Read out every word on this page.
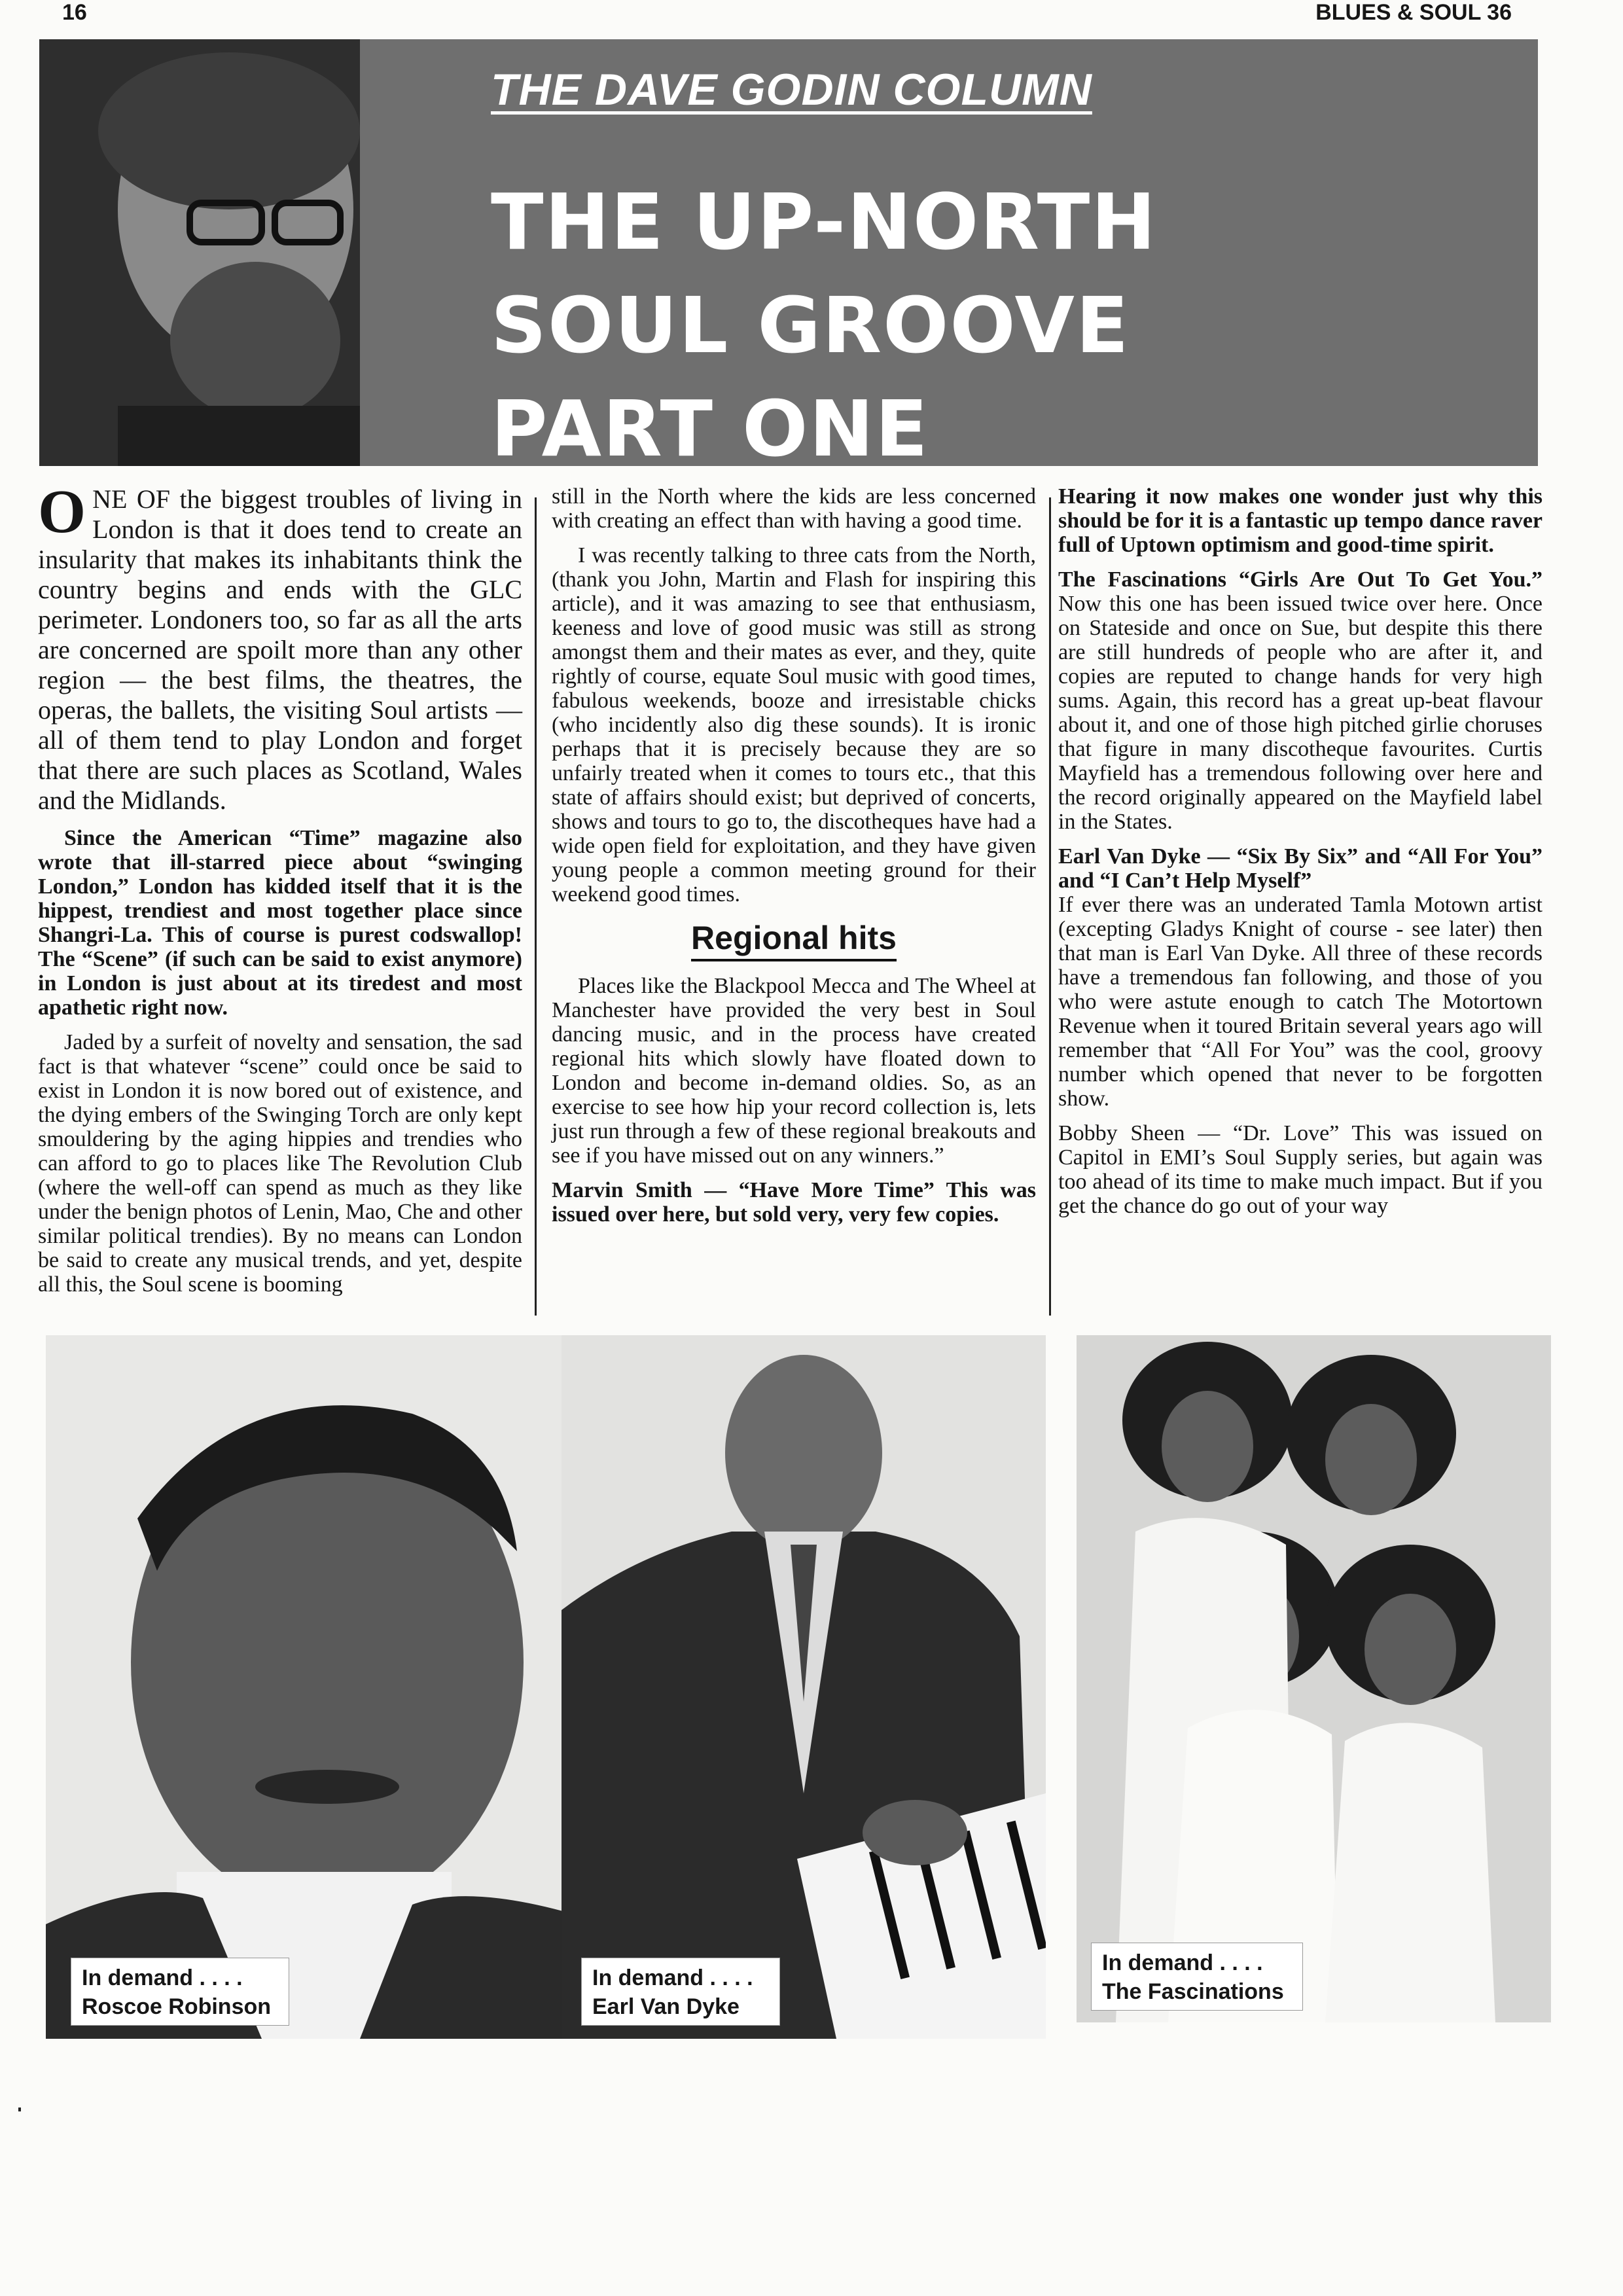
16	BLUES & SOUL 36
THE DAVE GODIN COLUMN
THE UP-NORTH
SOUL GROOVE
PART ONE

ONE OF the biggest troubles of living in London is that it does tend to create an insularity that makes its inhabitants think the country begins and ends with the GLC perimeter. Londoners too, so far as all the arts are concerned are spoilt more than any other region — the best films, the theatres, the operas, the ballets, the visiting Soul artists — all of them tend to play London and forget that there are such places as Scotland, Wales and the Midlands.

Since the American “Time” magazine also wrote that ill-starred piece about “swinging London,” London has kidded itself that it is the hippest, trendiest and most together place since Shangri-La. This of course is purest codswallop! The “Scene” (if such can be said to exist anymore) in London is just about at its tiredest and most apathetic right now.

Jaded by a surfeit of novelty and sensation, the sad fact is that whatever “scene” could once be said to exist in London it is now bored out of existence, and the dying embers of the Swinging Torch are only kept smouldering by the aging hippies and trendies who can afford to go to places like The Revolution Club (where the well-off can spend as much as they like under the benign photos of Lenin, Mao, Che and other similar political trendies). By no means can London be said to create any musical trends, and yet, despite all this, the Soul scene is booming

still in the North where the kids are less concerned with creating an effect than with having a good time.

I was recently talking to three cats from the North, (thank you John, Martin and Flash for inspiring this article), and it was amazing to see that enthusiasm, keeness and love of good music was still as strong amongst them and their mates as ever, and they, quite rightly of course, equate Soul music with good times, fabulous weekends, booze and irresistable chicks (who incidently also dig these sounds). It is ironic perhaps that it is precisely because they are so unfairly treated when it comes to tours etc., that this state of affairs should exist; but deprived of concerts, shows and tours to go to, the discotheques have had a wide open field for exploitation, and they have given young people a common meeting ground for their weekend good times.

Regional hits

Places like the Blackpool Mecca and The Wheel at Manchester have provided the very best in Soul dancing music, and in the process have created regional hits which slowly have floated down to London and become in-demand oldies. So, as an exercise to see how hip your record collection is, lets just run through a few of these regional breakouts and see if you have missed out on any winners.”

Marvin Smith — “Have More Time” This was issued over here, but sold very, very few copies.

Hearing it now makes one wonder just why this should be for it is a fantastic up tempo dance raver full of Uptown optimism and good-time spirit.

The Fascinations “Girls Are Out To Get You.” Now this one has been issued twice over here. Once on Stateside and once on Sue, but despite this there are still hundreds of people who are after it, and copies are reputed to change hands for very high sums. Again, this record has a great up-beat flavour about it, and one of those high pitched girlie choruses that figure in many discotheque favourites. Curtis Mayfield has a tremendous following over here and the record originally appeared on the Mayfield label in the States.

Earl Van Dyke — “Six By Six” and “All For You” and “I Can’t Help Myself”
If ever there was an underated Tamla Motown artist (excepting Gladys Knight of course - see later) then that man is Earl Van Dyke. All three of these records have a tremendous fan following, and those of you who were astute enough to catch The Motortown Revenue when it toured Britain several years ago will remember that “All For You” was the cool, groovy number which opened that never to be forgotten show.

Bobby Sheen — “Dr. Love” This was issued on Capitol in EMI’s Soul Supply series, but again was too ahead of its time to make much impact. But if you get the chance do go out of your way

In demand . . . .
Roscoe Robinson
In demand . . . .
Earl Van Dyke
In demand . . . .
The Fascinations
